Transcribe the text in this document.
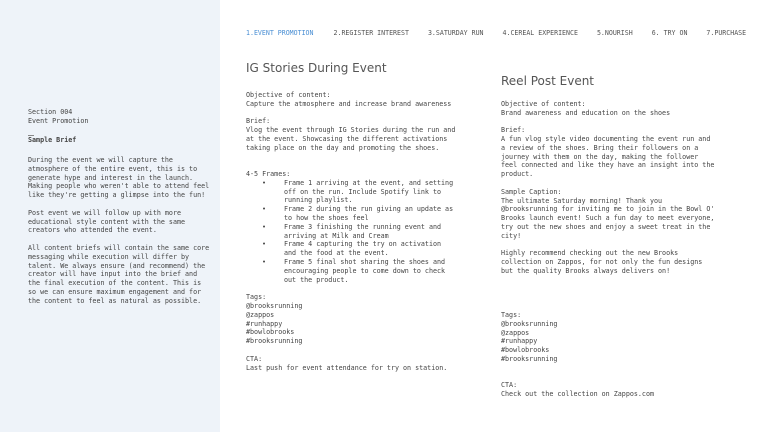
Section 004
Event Promotion
Sample Brief

During the event we will capture the atmosphere of the entire event, this is to generate hype and interest in the launch. Making people who weren't able to attend feel like they're getting a glimpse into the fun!

Post event we will follow up with more educational style content with the same creators who attended the event.

All content briefs will contain the same core messaging while execution will differ by talent. We always ensure (and recommend) the creator will have input into the brief and the final execution of the content. This is so we can ensure maximum engagement and for the content to feel as natural as possible.

1.EVENT PROMOTION	2.REGISTER INTEREST	3.SATURDAY RUN	4.CEREAL EXPERIENCE	5.NOURISH	6. TRY ON	7.PURCHASE
IG Stories During Event
Objective of content:
Capture the atmosphere and increase brand awareness
Brief:
Vlog the event through IG Stories during the run and at the event. Showcasing the different activations taking place on the day and promoting the shoes.
4-5 Frames:
• Frame 1 arriving at the event, and setting off on the run. Include Spotify link to running playlist.
• Frame 2 during the run giving an update as to how the shoes feel
• Frame 3 finishing the running event and arriving at Milk and Cream
• Frame 4 capturing the try on activation and the food at the event.
• Frame 5 final shot sharing the shoes and encouraging people to come down to check out the product.
Tags:
@brooksrunning
@zappos
#runhappy
#bowlobrooks
#brooksrunning
CTA:
Last push for event attendance for try on station.
Reel Post Event
Objective of content:
Brand awareness and education on the shoes
Brief:
A fun vlog style video documenting the event run and a review of the shoes. Bring their followers on a journey with them on the day, making the follower feel connected and like they have an insight into the product.
Sample Caption:
The ultimate Saturday morning! Thank you @brooksrunning for inviting me to join in the Bowl O' Brooks launch event! Such a fun day to meet everyone, try out the new shoes and enjoy a sweet treat in the city!
Highly recommend checking out the new Brooks collection on Zappos, for not only the fun designs but the quality Brooks always delivers on!
Tags:
@brooksrunning
@zappos
#runhappy
#bowlobrooks
#brooksrunning
CTA:
Check out the collection on Zappos.com
